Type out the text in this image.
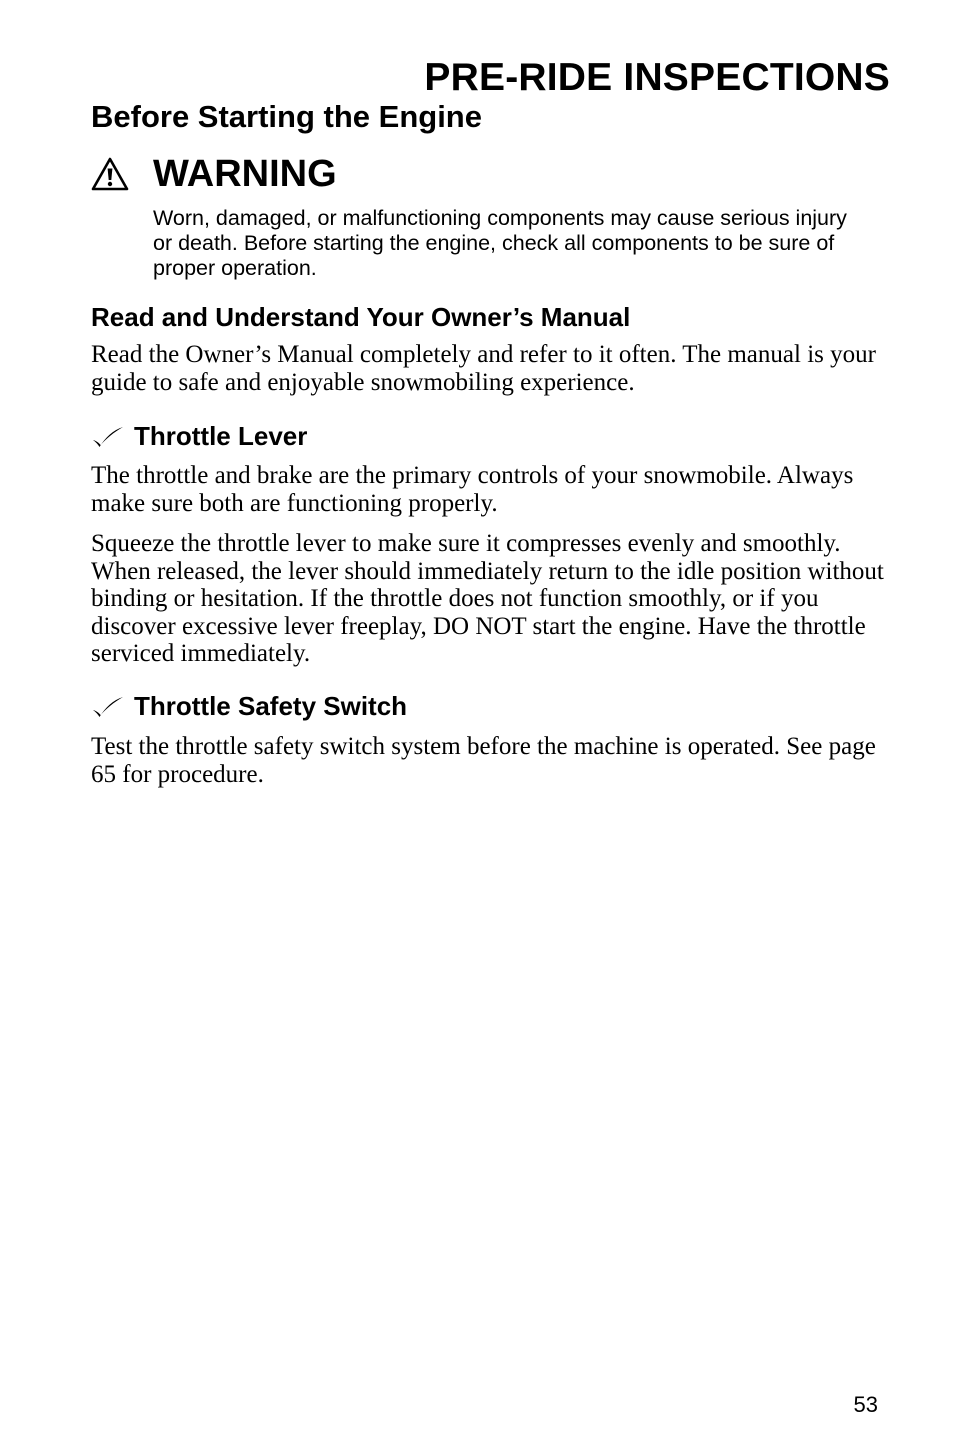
PRE-RIDE INSPECTIONS
Before Starting the Engine
WARNING

Worn, damaged, or malfunctioning components may cause serious injury or death. Before starting the engine, check all components to be sure of proper operation.

Read and Understand Your Owner’s Manual

Read the Owner’s Manual completely and refer to it often. The manual is your guide to safe and enjoyable snowmobiling experience.

Throttle Lever

The throttle and brake are the primary controls of your snowmobile. Always make sure both are functioning properly.

Squeeze the throttle lever to make sure it compresses evenly and smoothly. When released, the lever should immediately return to the idle position without binding or hesitation. If the throttle does not function smoothly, or if you discover excessive lever freeplay, DO NOT start the engine. Have the throttle serviced immediately.

Throttle Safety Switch

Test the throttle safety switch system before the machine is operated. See page 65 for procedure.

53
